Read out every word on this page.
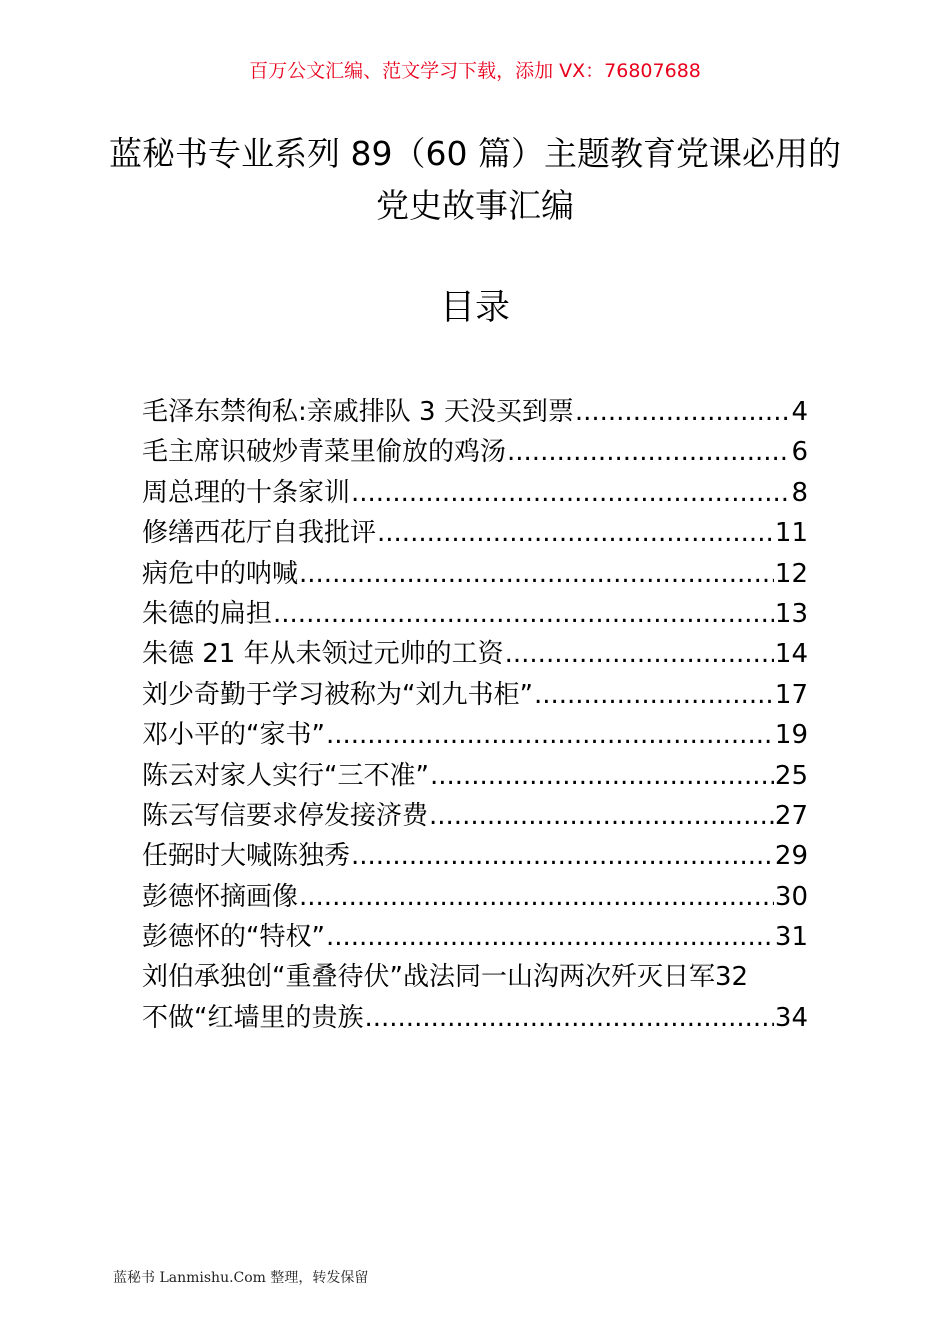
百万公文汇编、范文学习下载，添加 VX：76807688
蓝秘书专业系列 89（60 篇）主题教育党课必用的 党史故事汇编
目录
毛泽东禁徇私:亲戚排队 3 天没买到票 .....	4
毛主席识破炒青菜里偷放的鸡汤 .....	6
周总理的十条家训 .....	8
修缮西花厅自我批评 .....	11
病危中的呐喊 .....	12
朱德的扁担 .....	13
朱德 21 年从未领过元帅的工资 .....	14
刘少奇勤于学习被称为“刘九书柜” .....	17
邓小平的“家书” .....	19
陈云对家人实行“三不准” .....	25
陈云写信要求停发接济费 .....	27
任弼时大喊陈独秀 .....	29
彭德怀摘画像 .....	30
彭德怀的“特权” .....	31
刘伯承独创“重叠待伏”战法同一山沟两次歼灭日军 32
不做“红墙里的贵族 .....	34
蓝秘书 Lanmishu.Com 整理，转发保留
